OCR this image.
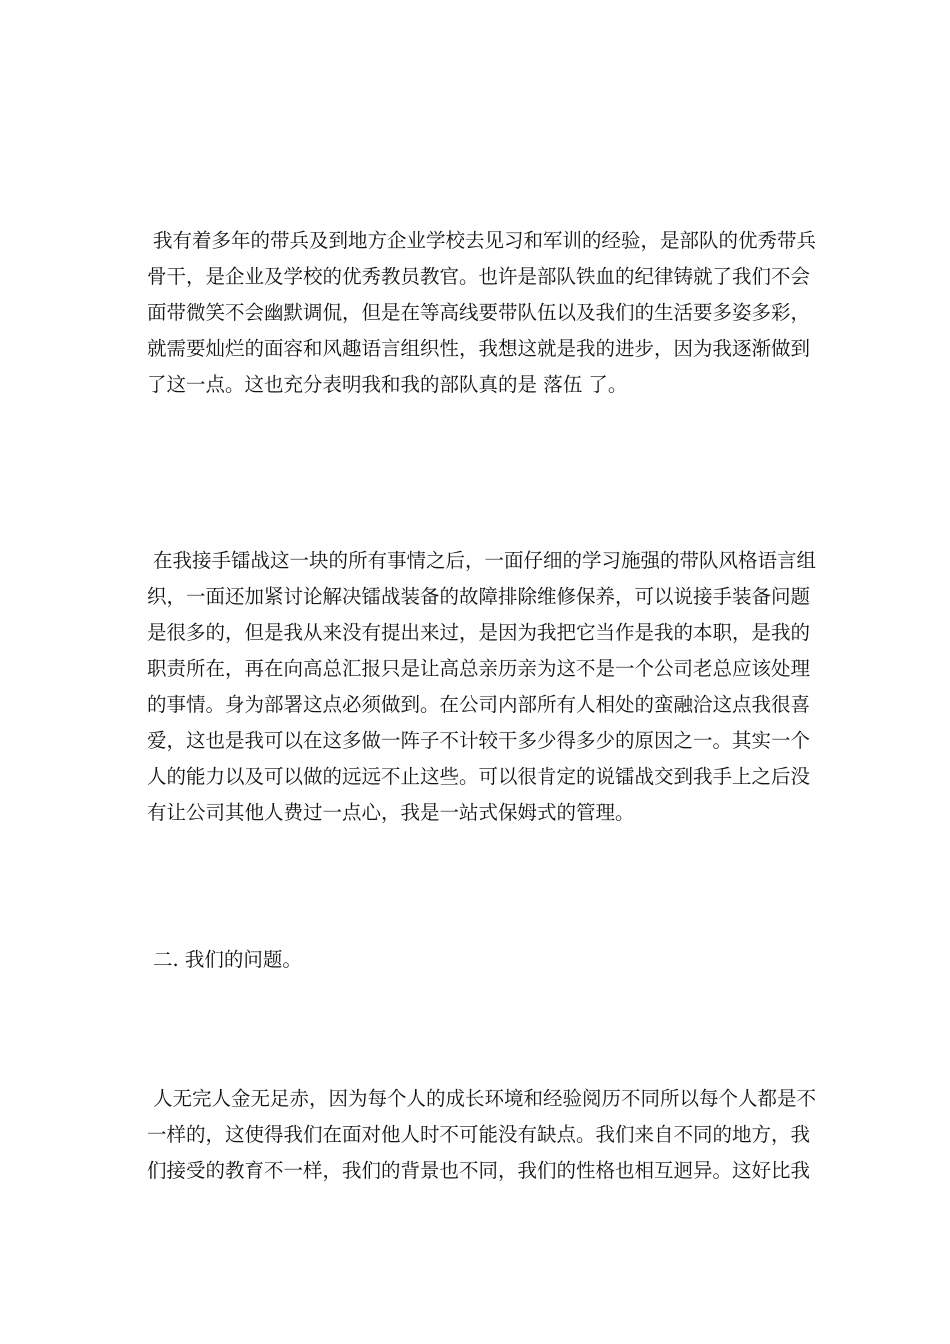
我有着多年的带兵及到地方企业学校去见习和军训的经验，是部队的优秀带兵
骨干，是企业及学校的优秀教员教官。也许是部队铁血的纪律铸就了我们不会
面带微笑不会幽默调侃，但是在等高线要带队伍以及我们的生活要多姿多彩，
就需要灿烂的面容和风趣语言组织性，我想这就是我的进步，因为我逐渐做到
了这一点。这也充分表明我和我的部队真的是 落伍 了。

在我接手镭战这一块的所有事情之后，一面仔细的学习施强的带队风格语言组
织，一面还加紧讨论解决镭战装备的故障排除维修保养，可以说接手装备问题
是很多的，但是我从来没有提出来过，是因为我把它当作是我的本职，是我的
职责所在，再在向高总汇报只是让高总亲历亲为这不是一个公司老总应该处理
的事情。身为部署这点必须做到。在公司内部所有人相处的蛮融洽这点我很喜
爱，这也是我可以在这多做一阵子不计较干多少得多少的原因之一。其实一个
人的能力以及可以做的远远不止这些。可以很肯定的说镭战交到我手上之后没
有让公司其他人费过一点心，我是一站式保姆式的管理。

二. 我们的问题。

人无完人金无足赤，因为每个人的成长环境和经验阅历不同所以每个人都是不
一样的，这使得我们在面对他人时不可能没有缺点。我们来自不同的地方，我
们接受的教育不一样，我们的背景也不同，我们的性格也相互迥异。这好比我
